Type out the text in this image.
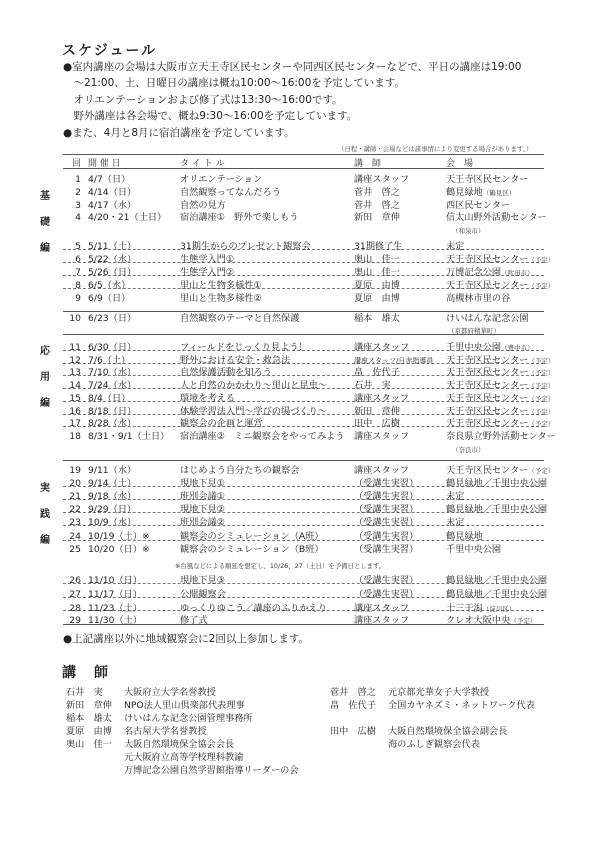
スケジュール
●室内講座の会場は大阪市立天王寺区民センターや同西区民センターなどで、平日の講座は19:00
　～21:00、土、日曜日の講座は概ね10:00～16:00を予定しています。
　オリエンテーションおよび修了式は13:30～16:00です。
　野外講座は各会場で、概ね9:30～16:00を予定しています。
●また、4月と8月に宿泊講座を予定しています。
（日程・講師・会場などは諸事情により変更する場合があります。）
回 開 催 日	タ イ ト ル	講　師	会　場
基
礎
編
応
用
編
実
践
編
1 4/7（日）	オリエンテーション	講座スタッフ	天王寺区民センター
2 4/14（日）	自然観察ってなんだろう	菅井　啓之	鶴見緑地（鶴見区）
3 4/17（水）	自然の見方	菅井　啓之	西区民センター
4 4/20・21（土日） 宿泊講座①　野外で楽しもう	新田　章伸	信太山野外活動センター
（和泉市）
5 5/11（土）	31期生からのプレゼント観察会	31期修了生	未定
6 5/22（水）	生態学入門①	奥山　佳一	天王寺区民センター（予定）
7 5/26（日）	生態学入門②	奥山　佳一	万博記念公園（吹田市）
8 6/5（水）	里山と生物多様性①	夏原　由博	天王寺区民センター（予定）
9 6/9（日）	里山と生物多様性②	夏原　由博	高槻林市里の谷
10 6/23（日）	自然観察のテーマと自然保護	稲本　雄太	けいはんな記念公園
（京都府精華町）
11 6/30（日）	フィールドをじっくり見よう！	講座スタッフ	千里中央公園（豊中市）
12 7/6（土）	野外における安全・救急法	講座スタッフ/日赤指導員 天王寺区民センター（予定）
13 7/10（水）	自然保護活動を知ろう	畠　佐代子	天王寺区民センター（予定）
14 7/24（水）	人と自然のかかわり～里山と昆虫～	石井　実	天王寺区民センター（予定）
15 8/4（日）	環境を考える	講座スタッフ	天王寺区民センター（予定）
16 8/18（日）	体験学習法入門～学びの場づくり～	新田　章伸	天王寺区民センター（予定）
17 8/28（水）	観察会の企画と運営	田中　広樹	天王寺区民センター（予定）
18 8/31・9/1（土日） 宿泊講座②　ミニ観察会をやってみよう 講座スタッフ	奈良県立野外活動センター
（奈良市）
19 9/11（水）	はじめよう自分たちの観察会	講座スタッフ	天王寺区民センター（予定）
20 9/14（土）	現地下見①	（受講生実習）	鶴見緑地／千里中央公園
21 9/18（水）	班別会議①	（受講生実習）	未定
22 9/29（日）	現地下見②	（受講生実習）	鶴見緑地／千里中央公園
23 10/9（水）	班別会議②	（受講生実習）	未定
24 10/19（土）※	観察会のシミュレーション（A班）	（受講生実習）	鶴見緑地
25 10/20（日）※	観察会のシミュレーション（B班）	（受講生実習）	千里中央公園
26 11/10（日）	現地下見③	（受講生実習）	鶴見緑地／千里中央公園
27 11/17（日）	公開観察会	（受講生実習）	鶴見緑地／千里中央公園
28 11/23（土）	ゆっくりゆこう／講座のふりかえり	講座スタッフ	十三干潟（淀川区）
29 11/30（土）	修了式	講座スタッフ	クレオ大阪中央（予定）
※台風などによる順延を想定し、10/26、27（土日）を予備日とします。
●上記講座以外に地域観察会に2回以上参加します。
講　師
石井　実 大阪府立大学名誉教授
新田　章伸 NPO法人里山倶楽部代表理事
稲本　雄太 けいはんな記念公園管理事務所
夏原　由博 名古屋大学名誉教授
奥山　佳一 大阪自然環境保全協会会長
元大阪府立高等学校理科教諭
万博記念公園自然学習館指導リーダーの会
菅井　啓之 元京都光華女子大学教授
畠　佐代子 全国カヤネズミ・ネットワーク代表
田中　広樹 大阪自然環境保全協会副会長
海のふしぎ観察会代表
